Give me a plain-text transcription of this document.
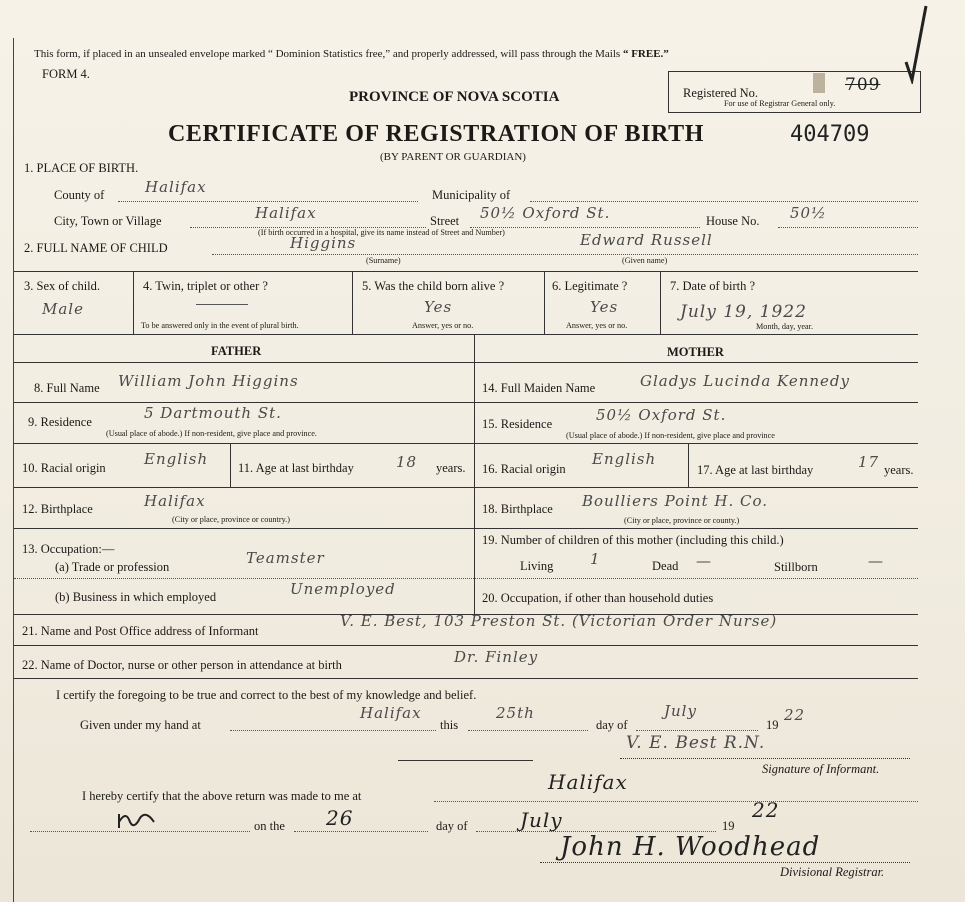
This form, if placed in an unsealed envelope marked “ Dominion Statistics free,” and properly addressed, will pass through the Mails “ FREE.”
FORM 4.
PROVINCE OF NOVA SCOTIA	Registered No.
For use of Registrar General only.
709
CERTIFICATE OF REGISTRATION OF BIRTH	404709
(BY PARENT OR GUARDIAN)
1. PLACE OF BIRTH.
County of	Halifax	Municipality of
City, Town or Village	Halifax	Street 50½ Oxford St.	House No. 50½
(If birth occurred in a hospital, give its name instead of Street and Number)
2. FULL NAME OF CHILD	Higgins	Edward Russell
(Surname)	(Given name)
3. Sex of child.
Male
4. Twin, triplet or other ?
To be answered only in the event of plural birth.
5. Was the child born alive ?
Yes
Answer, yes or no.
6. Legitimate ?
Yes
Answer, yes or no.
7. Date of birth ?
July 19, 1922
Month, day, year.
FATHER	MOTHER
8. Full Name William John Higgins
9. Residence	5 Dartmouth St.
(Usual place of abode.) If non-resident, give place and province.
10. Racial origin	English 11. Age at last birthday	18 years.
12. Birthplace	Halifax
(City or place, province or country.)
13. Occupation:—
(a) Trade or profession	Teamster
(b) Business in which employed	Unemployed
14. Full Maiden Name	Gladys Lucinda Kennedy
15. Residence	50½ Oxford St.
(Usual place of abode.) If non-resident, give place and province
16. Racial origin
English
17. Age at last birthday	17 years.
18. Birthplace Boulliers Point H. Co.
(City or place, province or county.)
19. Number of children of this mother (including this child.)
Living 1	Dead —	Stillborn	—
20. Occupation, if other than household duties
21. Name and Post Office address of Informant
V. E. Best, 103 Preston St. (Victorian Order Nurse)
22. Name of Doctor, nurse or other person in attendance at birth	Dr. Finley
I certify the foregoing to be true and correct to the best of my knowledge and belief.
Given under my hand at
Halifax
this
25th
day of
July
19
22
V. E. Best R.N.
Signature of Informant.
I hereby certify that the above return was made to me at
Halifax
on the 26	day of	July	19
22
John H. Woodhead
Divisional Registrar.
